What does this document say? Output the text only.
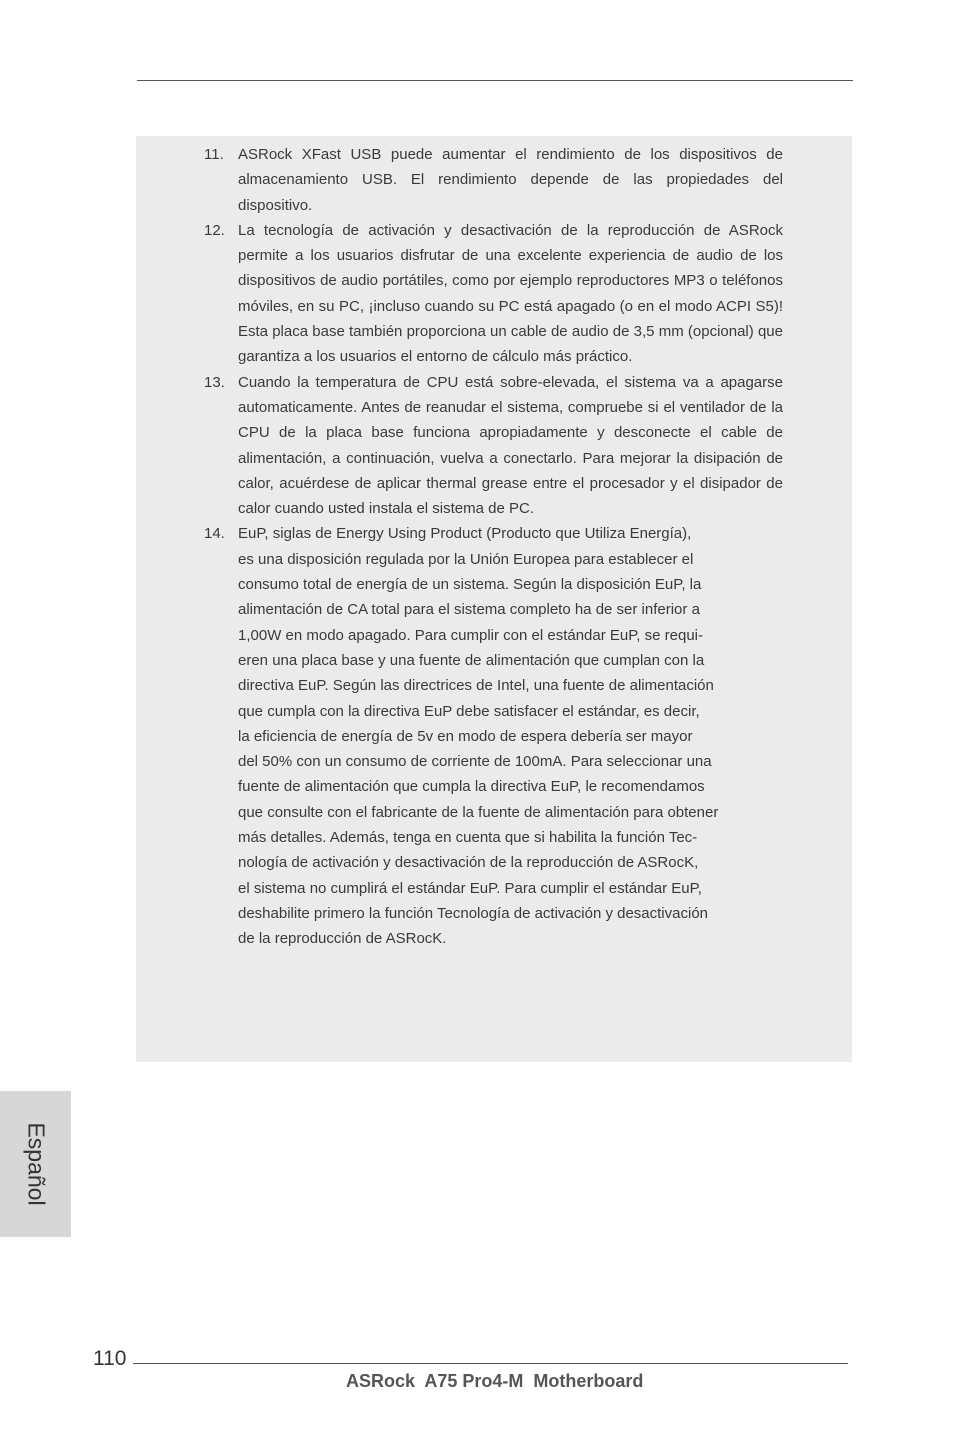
11. ASRock XFast USB puede aumentar el rendimiento de los dispositivos de almacenamiento USB. El rendimiento depende de las propiedades del dispositivo.
12. La tecnología de activación y desactivación de la reproducción de ASRock permite a los usuarios disfrutar de una excelente experiencia de audio de los dispositivos de audio portátiles, como por ejemplo reproductores MP3 o teléfonos móviles, en su PC, ¡incluso cuando su PC está apagado (o en el modo ACPI S5)! Esta placa base también proporciona un cable de audio de 3,5 mm (opcional) que garantiza a los usuarios el entorno de cálculo más práctico.
13. Cuando la temperatura de CPU está sobre-elevada, el sistema va a apagarse automaticamente. Antes de reanudar el sistema, compruebe si el ventilador de la CPU de la placa base funciona apropiadamente y desconecte el cable de alimentación, a continuación, vuelva a conectarlo. Para mejorar la disipación de calor, acuérdese de aplicar thermal grease entre el procesador y el disipador de calor cuando usted instala el sistema de PC.
14. EuP, siglas de Energy Using Product (Producto que Utiliza Energía),
es una disposición regulada por la Unión Europea para establecer el
consumo total de energía de un sistema. Según la disposición EuP, la
alimentación de CA total para el sistema completo ha de ser inferior a
1,00W en modo apagado. Para cumplir con el estándar EuP, se requi-
eren una placa base y una fuente de alimentación que cumplan con la
directiva EuP. Según las directrices de Intel, una fuente de alimentación
que cumpla con la directiva EuP debe satisfacer el estándar, es decir,
la eficiencia de energía de 5v en modo de espera debería ser mayor
del 50% con un consumo de corriente de 100mA. Para seleccionar una
fuente de alimentación que cumpla la directiva EuP, le recomendamos
que consulte con el fabricante de la fuente de alimentación para obtener
más detalles. Además, tenga en cuenta que si habilita la función Tec-
nología de activación y desactivación de la reproducción de ASRocK,
el sistema no cumplirá el estándar EuP. Para cumplir el estándar EuP,
deshabilite primero la función Tecnología de activación y desactivación
de la reproducción de ASRocK.
Español
110
ASRock  A75 Pro4-M  Motherboard
